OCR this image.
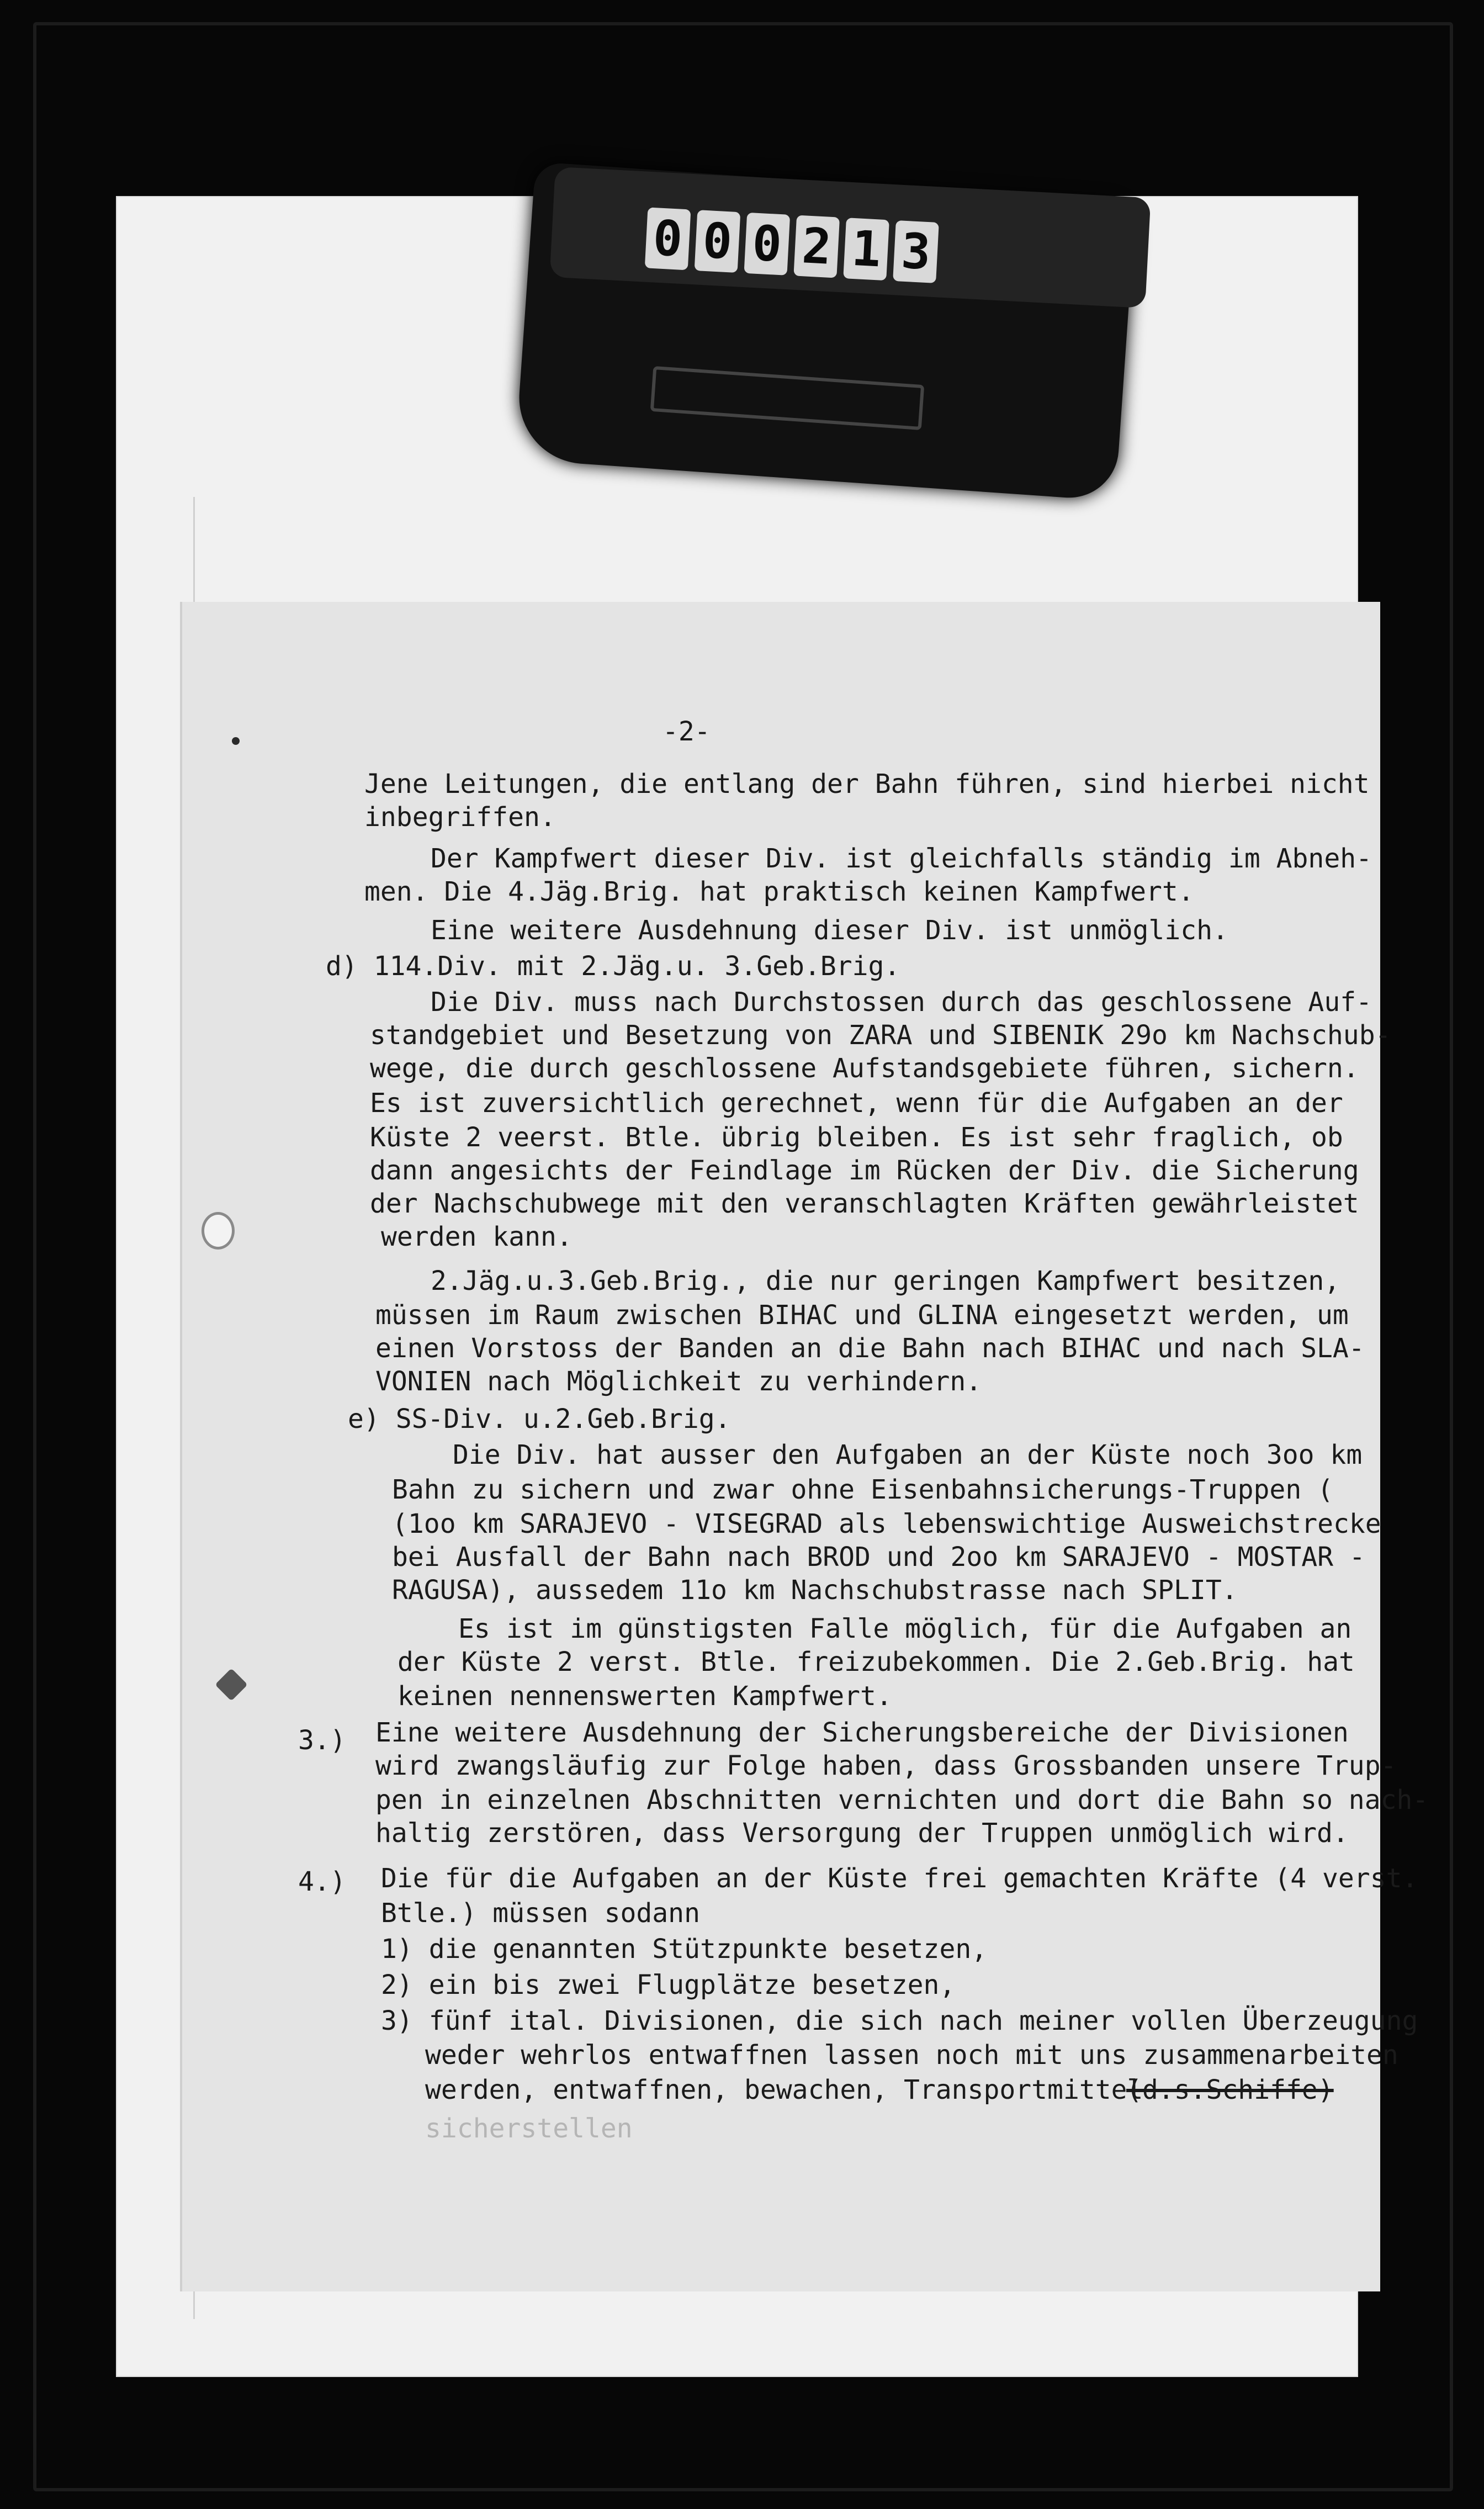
0 0 0 2 1 3
-2-
Jene Leitungen, die entlang der Bahn führen, sind hierbei nicht
inbegriffen.
Der Kampfwert dieser Div. ist gleichfalls ständig im Abneh-
men. Die 4.Jäg.Brig. hat praktisch keinen Kampfwert.
Eine weitere Ausdehnung dieser Div. ist unmöglich.
d) 114.Div. mit 2.Jäg.u. 3.Geb.Brig.
Die Div. muss nach Durchstossen durch das geschlossene Auf-
standgebiet und Besetzung von ZARA und SIBENIK 29o km Nachschub-
wege, die durch geschlossene Aufstandsgebiete führen, sichern.
Es ist zuversichtlich gerechnet, wenn für die Aufgaben an der
Küste 2 veerst. Btle. übrig bleiben. Es ist sehr fraglich, ob
dann angesichts der Feindlage im Rücken der Div. die Sicherung
der Nachschubwege mit den veranschlagten Kräften gewährleistet
werden kann.
2.Jäg.u.3.Geb.Brig., die nur geringen Kampfwert besitzen,
müssen im Raum zwischen BIHAC und GLINA eingesetzt werden, um
einen Vorstoss der Banden an die Bahn nach BIHAC und nach SLA-
VONIEN nach Möglichkeit zu verhindern.
e) SS-Div. u.2.Geb.Brig.
Die Div. hat ausser den Aufgaben an der Küste noch 3oo km
Bahn zu sichern und zwar ohne Eisenbahnsicherungs-Truppen (
(1oo km SARAJEVO - VISEGRAD als lebenswichtige Ausweichstrecke
bei Ausfall der Bahn nach BROD und 2oo km SARAJEVO - MOSTAR -
RAGUSA), aussedem 11o km Nachschubstrasse nach SPLIT.
Es ist im günstigsten Falle möglich, für die Aufgaben an
der Küste 2 verst. Btle. freizubekommen. Die 2.Geb.Brig. hat
keinen nennenswerten Kampfwert.
3.) Eine weitere Ausdehnung der Sicherungsbereiche der Divisionen
wird zwangsläufig zur Folge haben, dass Grossbanden unsere Trup-
pen in einzelnen Abschnitten vernichten und dort die Bahn so nach-
haltig zerstören, dass Versorgung der Truppen unmöglich wird.
4.) Die für die Aufgaben an der Küste frei gemachten Kräfte (4 verst.
Btle.) müssen sodann
1) die genannten Stützpunkte besetzen,
2) ein bis zwei Flugplätze besetzen,
3) fünf ital. Divisionen, die sich nach meiner vollen Überzeugung
weder wehrlos entwaffnen lassen noch mit uns zusammenarbeiten
werden, entwaffnen, bewachen, Transportmittel
(d.s.Schiffe)
sicherstellen
